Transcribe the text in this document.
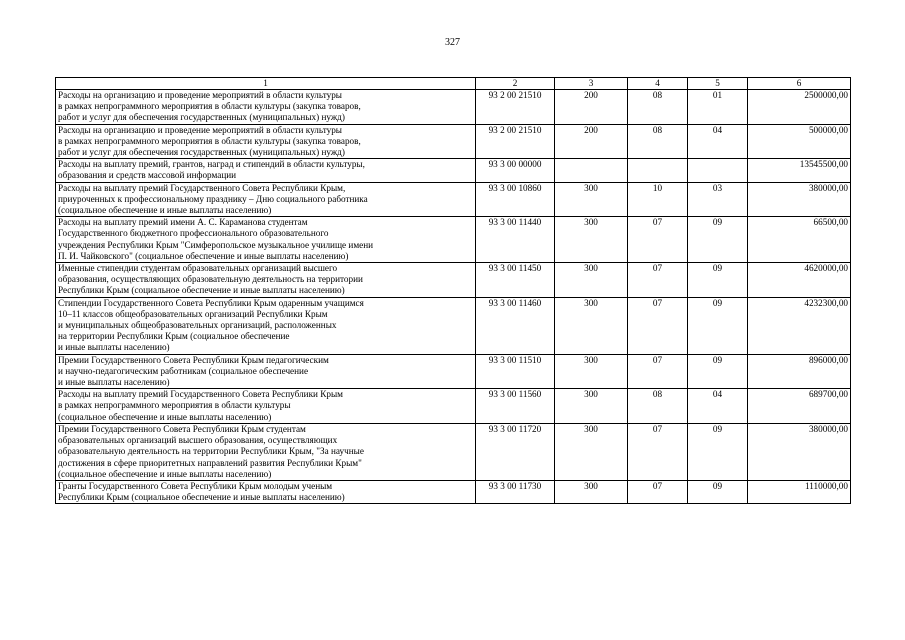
327
1	2	3	4	5	6
Расходы на организацию и проведение мероприятий в области культуры
в рамках непрограммного мероприятия в области культуры (закупка товаров,
работ и услуг для обеспечения государственных (муниципальных) нужд)	93 2 00 21510	200	08	01	2500000,00
Расходы на организацию и проведение мероприятий в области культуры
в рамках непрограммного мероприятия в области культуры (закупка товаров,
работ и услуг для обеспечения государственных (муниципальных) нужд)	93 2 00 21510	200	08	04	500000,00
Расходы на выплату премий, грантов, наград и стипендий в области культуры,
образования и средств массовой информации	93 3 00 00000				13545500,00
Расходы на выплату премий Государственного Совета Республики Крым,
приуроченных к профессиональному празднику – Дню социального работника
(социальное обеспечение и иные выплаты населению)	93 3 00 10860	300	10	03	380000,00
Расходы на выплату премий имени А. С. Караманова студентам
Государственного бюджетного профессионального образовательного
учреждения Республики Крым "Симферопольское музыкальное училище имени
П. И. Чайковского" (социальное обеспечение и иные выплаты населению)	93 3 00 11440	300	07	09	66500,00
Именные стипендии студентам образовательных организаций высшего
образования, осуществляющих образовательную деятельность на территории
Республики Крым (социальное обеспечение и иные выплаты населению)	93 3 00 11450	300	07	09	4620000,00
Стипендии Государственного Совета Республики Крым одаренным учащимся
10–11 классов общеобразовательных организаций Республики Крым
и муниципальных общеобразовательных организаций, расположенных
на территории Республики Крым (социальное обеспечение
и иные выплаты населению)	93 3 00 11460	300	07	09	4232300,00
Премии Государственного Совета Республики Крым педагогическим
и научно-педагогическим работникам (социальное обеспечение
и иные выплаты населению)	93 3 00 11510	300	07	09	896000,00
Расходы на выплату премий Государственного Совета Республики Крым
в рамках непрограммного мероприятия в области культуры
(социальное обеспечение и иные выплаты населению)	93 3 00 11560	300	08	04	689700,00
Премии Государственного Совета Республики Крым студентам
образовательных организаций высшего образования, осуществляющих
образовательную деятельность на территории Республики Крым, "За научные
достижения в сфере приоритетных направлений развития Республики Крым"
(социальное обеспечение и иные выплаты населению)	93 3 00 11720	300	07	09	380000,00
Гранты Государственного Совета Республики Крым молодым ученым
Республики Крым (социальное обеспечение и иные выплаты населению)	93 3 00 11730	300	07	09	1110000,00
